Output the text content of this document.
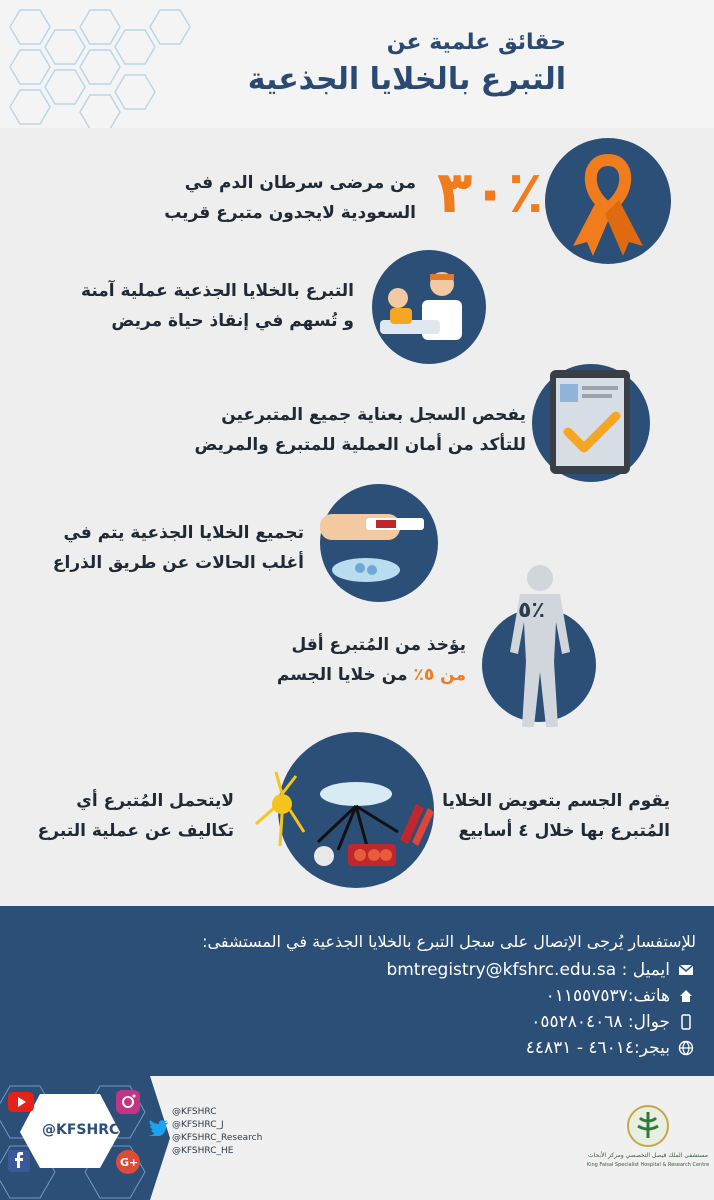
حقائق علمية عن
التبرع بالخلايا الجذعية
٣٠٪
من مرضى سرطان الدم في
السعودية لايجدون متبرع قريب
التبرع بالخلايا الجذعية عملية آمنة
و تُسهم في إنقاذ حياة مريض
يفحص السجل بعناية جميع المتبرعين
للتأكد من أمان العملية للمتبرع والمريض
تجميع الخلايا الجذعية يتم في
أغلب الحالات عن طريق الذراع
٥٪
يؤخذ من المُتبرع أقل
من ٥٪ من خلايا الجسم
يقوم الجسم بتعويض الخلايا
المُتبرع بها خلال ٤ أسابيع
لايتحمل المُتبرع أي
تكاليف عن عملية التبرع
للإستفسار يُرجى الإتصال على سجل التبرع بالخلايا الجذعية في المستشفى:
ايميل : bmtregistry@kfshrc.edu.sa
هاتف:٠١١٥٥٧٥٣٧
جوال: ٠٥٥٢٨٠٤٠٦٨
بيجر:٤٦٠١٤ - ٤٤٨٣١
@KFSHRC
G+
@KFSHRC
@KFSHRC_J
@KFSHRC_Research
@KFSHRC_HE	مستشفى الملك فيصل التخصصي ومركز الأبحاث
King Faisal Specialist Hospital & Research Centre
